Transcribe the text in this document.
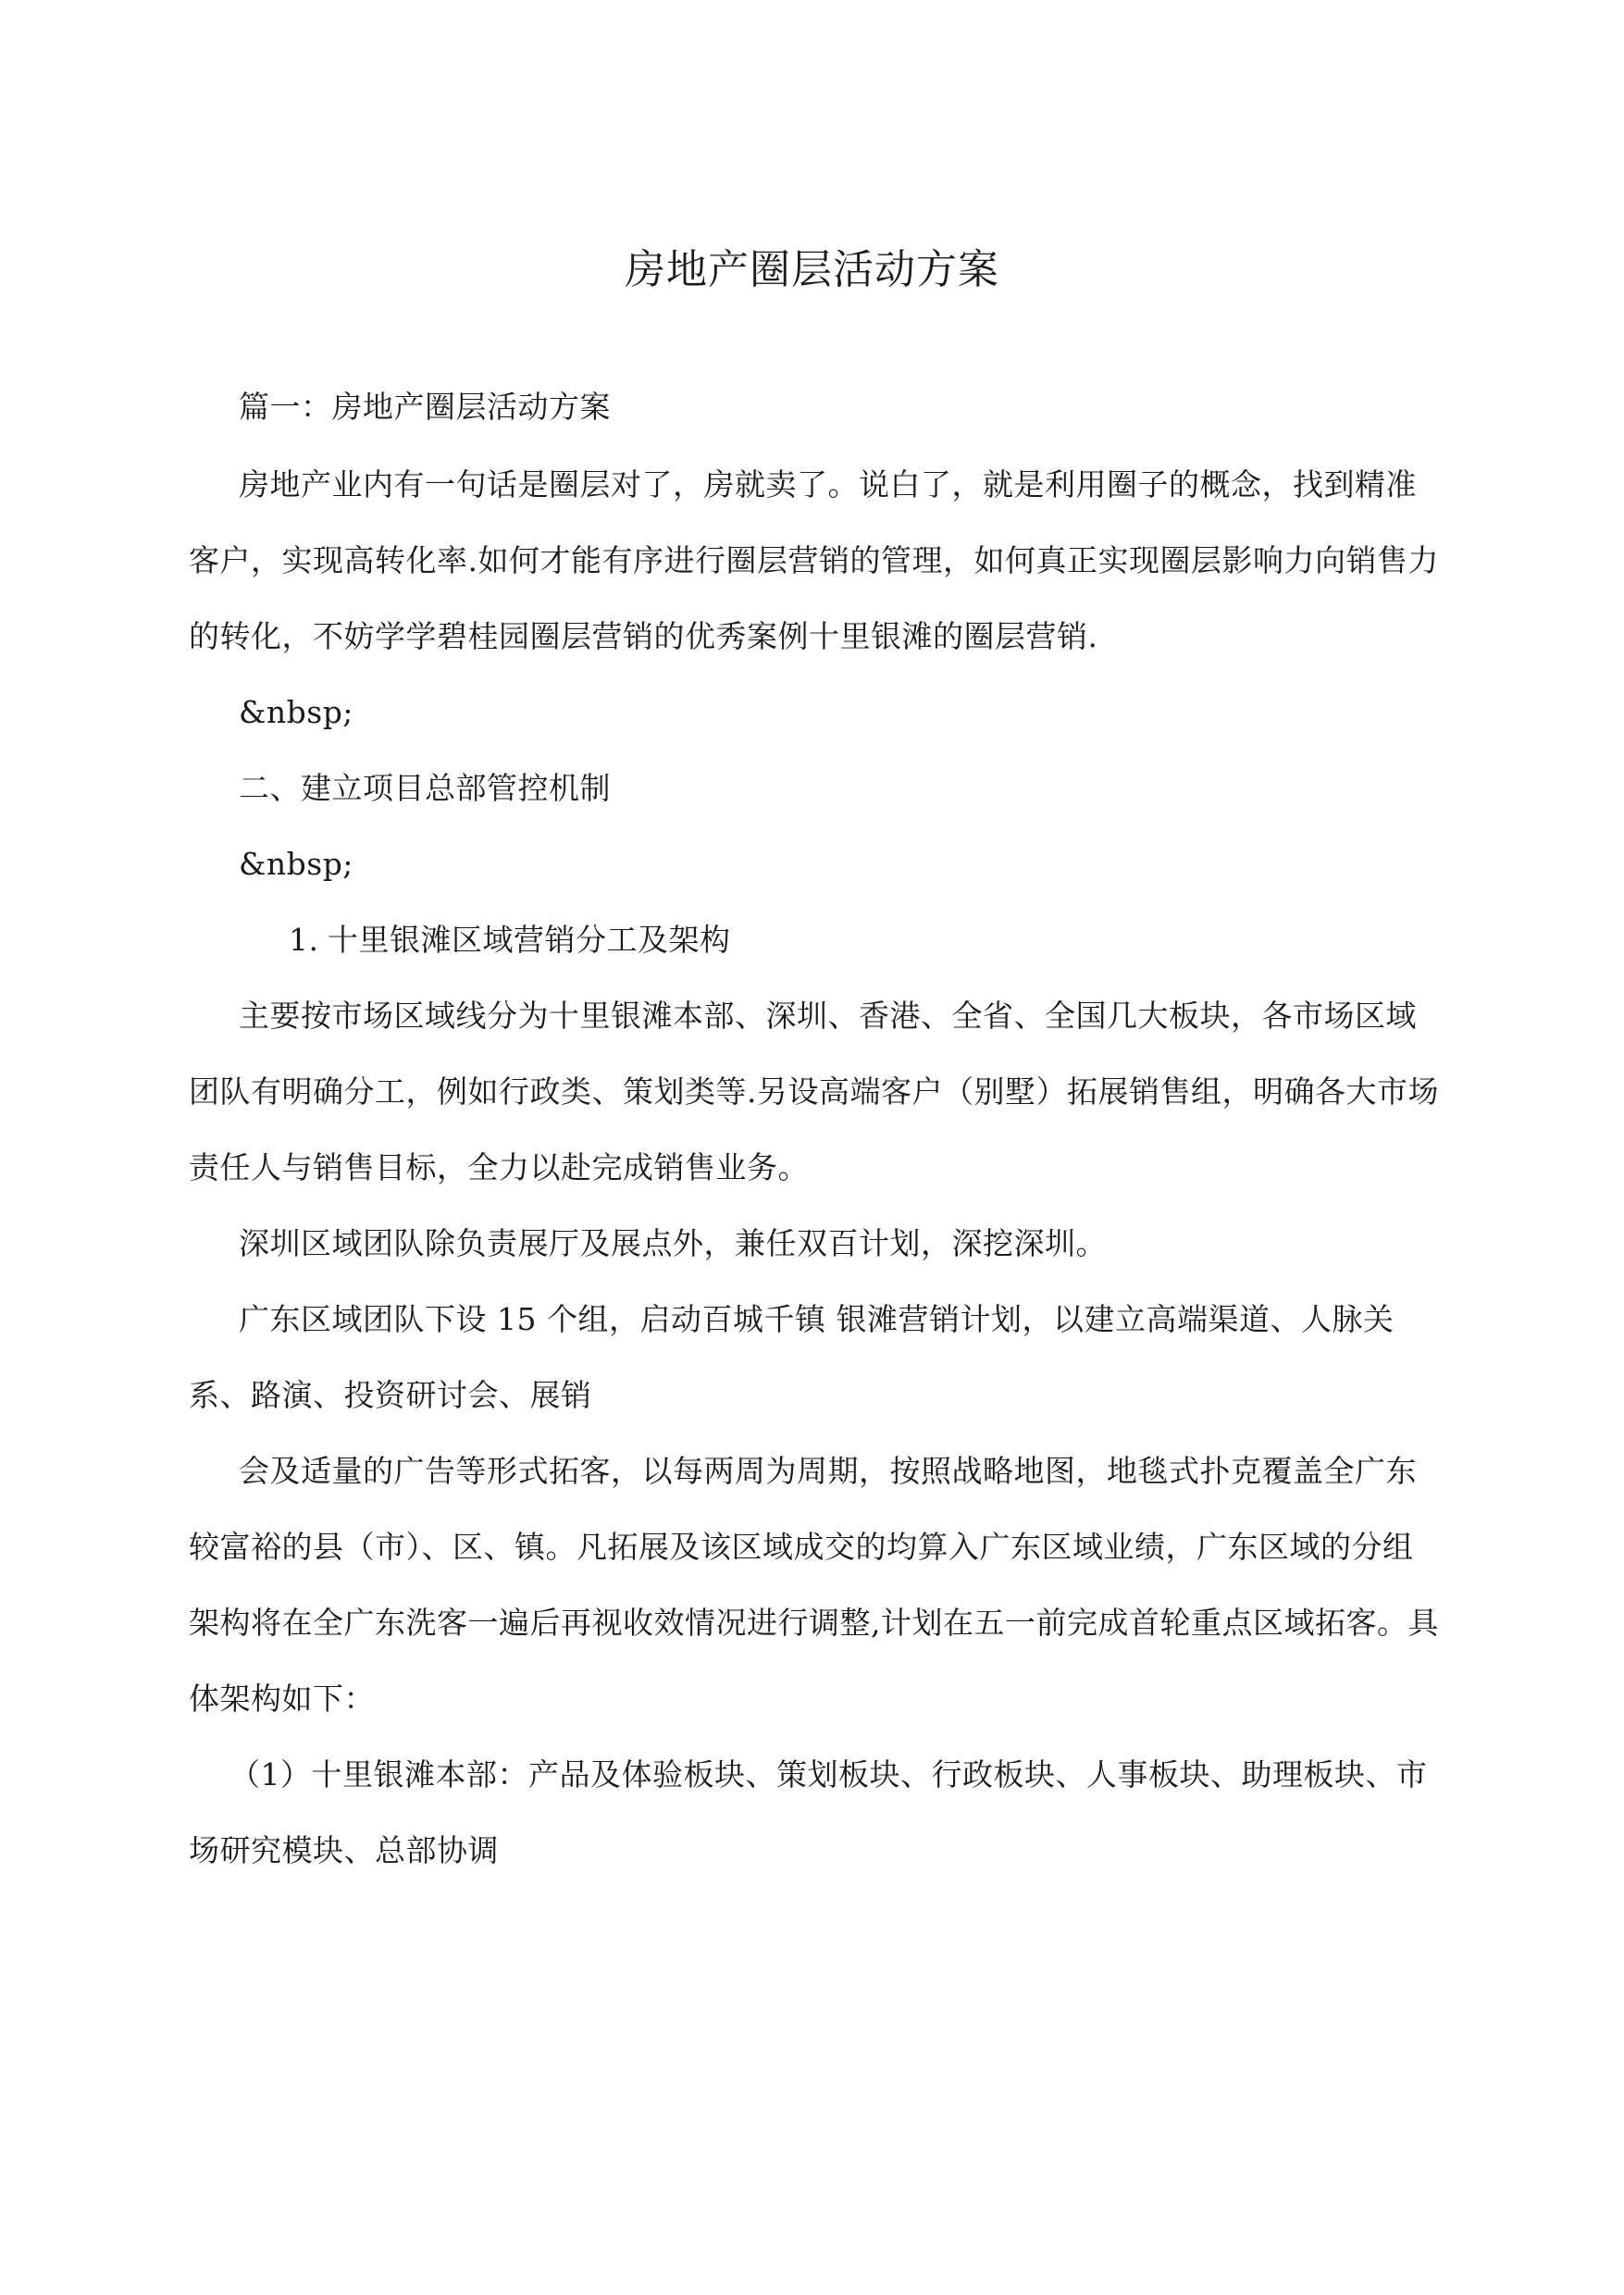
房地产圈层活动方案

篇一：房地产圈层活动方案

房地产业内有一句话是圈层对了，房就卖了。说白了，就是利用圈子的概念，找到精准客户，实现高转化率.如何才能有序进行圈层营销的管理，如何真正实现圈层影响力向销售力的转化，不妨学学碧桂园圈层营销的优秀案例十里银滩的圈层营销.

&nbsp;

二、建立项目总部管控机制

&nbsp;

1. 十里银滩区域营销分工及架构

主要按市场区域线分为十里银滩本部、深圳、香港、全省、全国几大板块，各市场区域团队有明确分工，例如行政类、策划类等.另设高端客户（别墅）拓展销售组，明确各大市场责任人与销售目标，全力以赴完成销售业务。

深圳区域团队除负责展厅及展点外，兼任双百计划，深挖深圳。

广东区域团队下设 15 个组，启动百城千镇 银滩营销计划，以建立高端渠道、人脉关系、路演、投资研讨会、展销

会及适量的广告等形式拓客，以每两周为周期，按照战略地图，地毯式扑克覆盖全广东较富裕的县（市）、区、镇。凡拓展及该区域成交的均算入广东区域业绩，广东区域的分组架构将在全广东洗客一遍后再视收效情况进行调整,计划在五一前完成首轮重点区域拓客。具体架构如下：

（1）十里银滩本部：产品及体验板块、策划板块、行政板块、人事板块、助理板块、市场研究模块、总部协调
